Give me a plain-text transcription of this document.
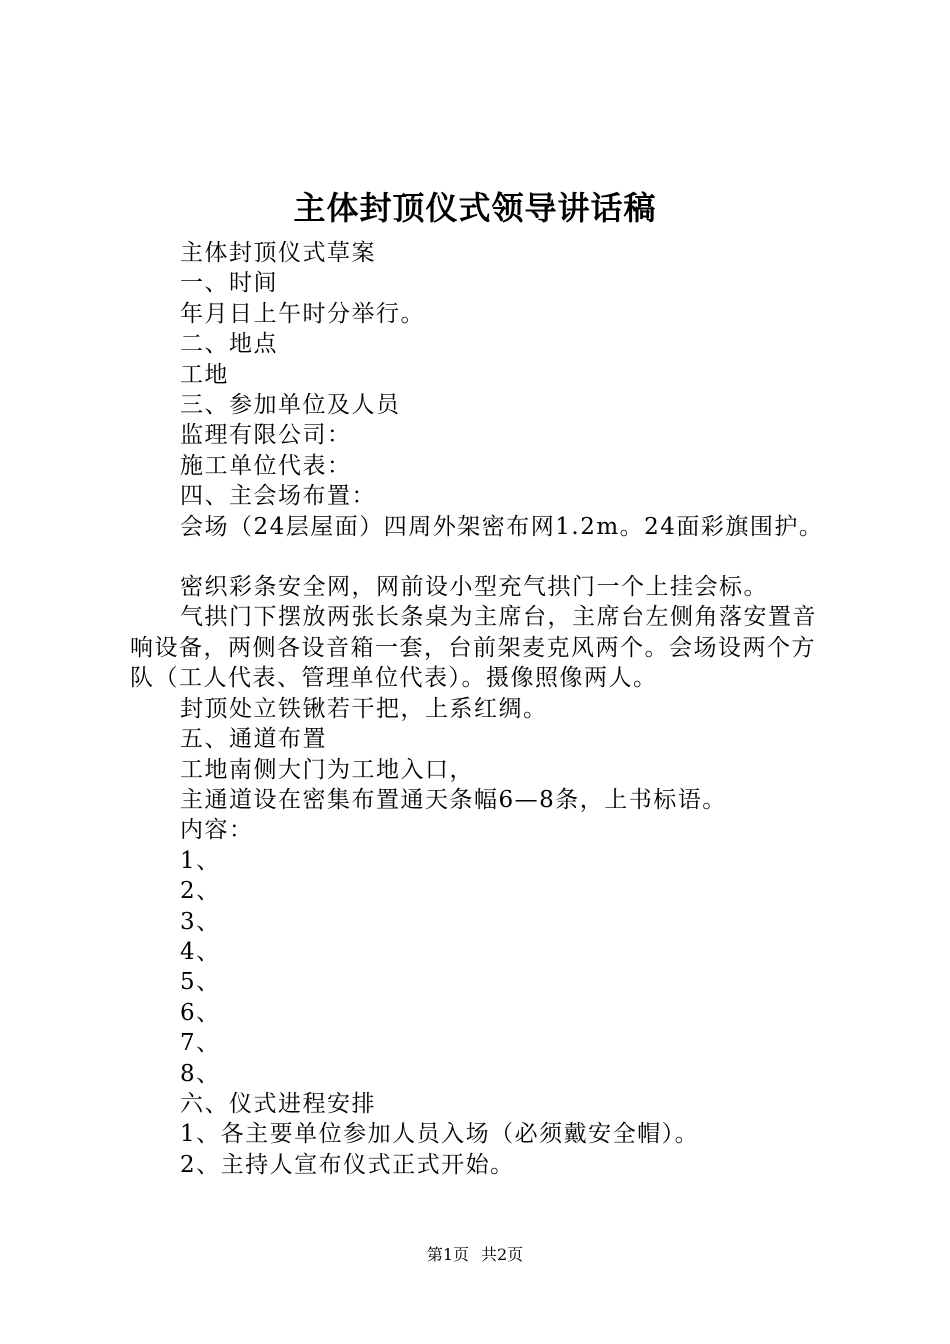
主体封顶仪式领导讲话稿

主体封顶仪式草案

一、时间

年月日上午时分举行。

二、地点

工地

三、参加单位及人员

监理有限公司：

施工单位代表：

四、主会场布置：

会场（24层屋面）四周外架密布网1.2m。24面彩旗围护。

密织彩条安全网，网前设小型充气拱门一个上挂会标。

气拱门下摆放两张长条桌为主席台，主席台左侧角落安置音响设备，两侧各设音箱一套，台前架麦克风两个。会场设两个方队（工人代表、管理单位代表）。摄像照像两人。

封顶处立铁锹若干把，上系红绸。

五、通道布置

工地南侧大门为工地入口，

主通道设在密集布置通天条幅6—8条，上书标语。

内容：

1、

2、

3、

4、

5、

6、

7、

8、

六、仪式进程安排

1、各主要单位参加人员入场（必须戴安全帽）。

2、主持人宣布仪式正式开始。

第1页 共2页
